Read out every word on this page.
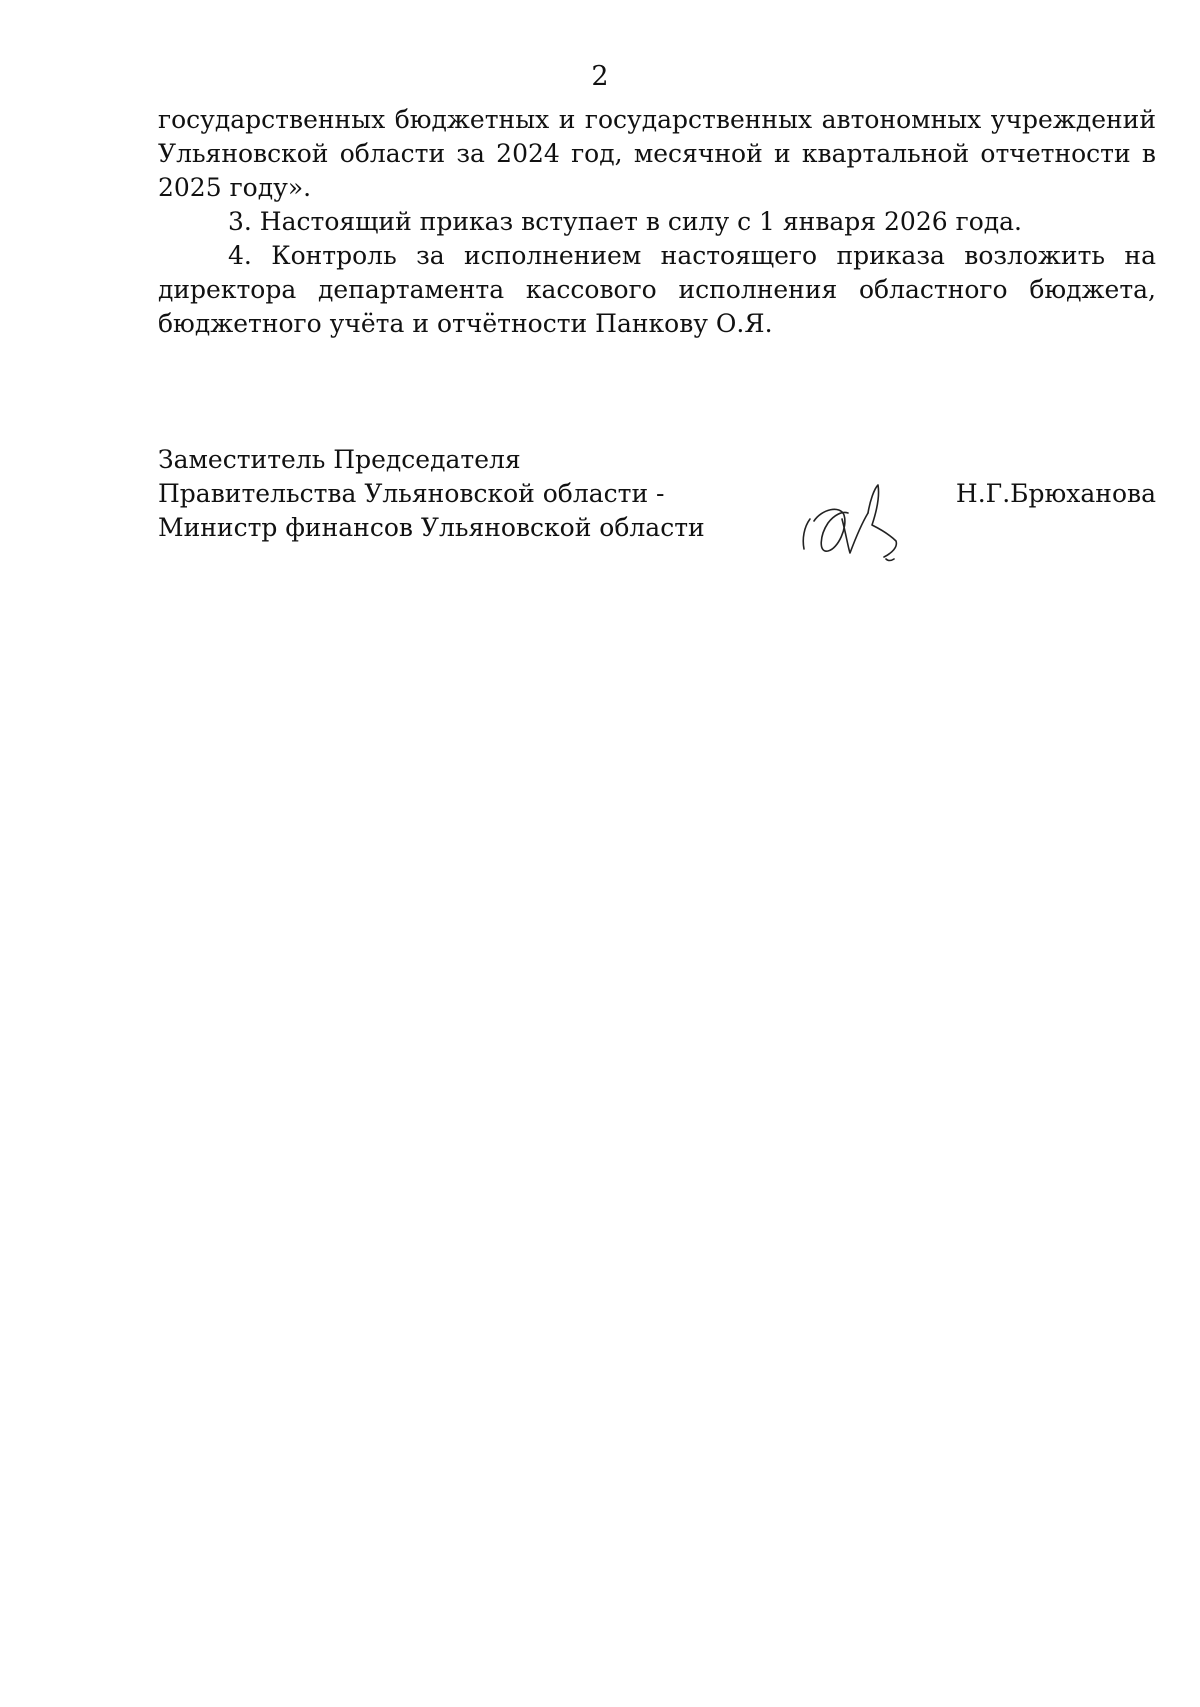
2

государственных бюджетных и государственных автономных учреждений Ульяновской области за 2024 год, месячной и квартальной отчетности в 2025 году».

3. Настоящий приказ вступает в силу с 1 января 2026 года.

4. Контроль за исполнением настоящего приказа возложить на директора департамента кассового исполнения областного бюджета, бюджетного учёта и отчётности Панкову О.Я.

Заместитель Председателя
Правительства Ульяновской области -
Министр финансов Ульяновской области
Н.Г.Брюханова
